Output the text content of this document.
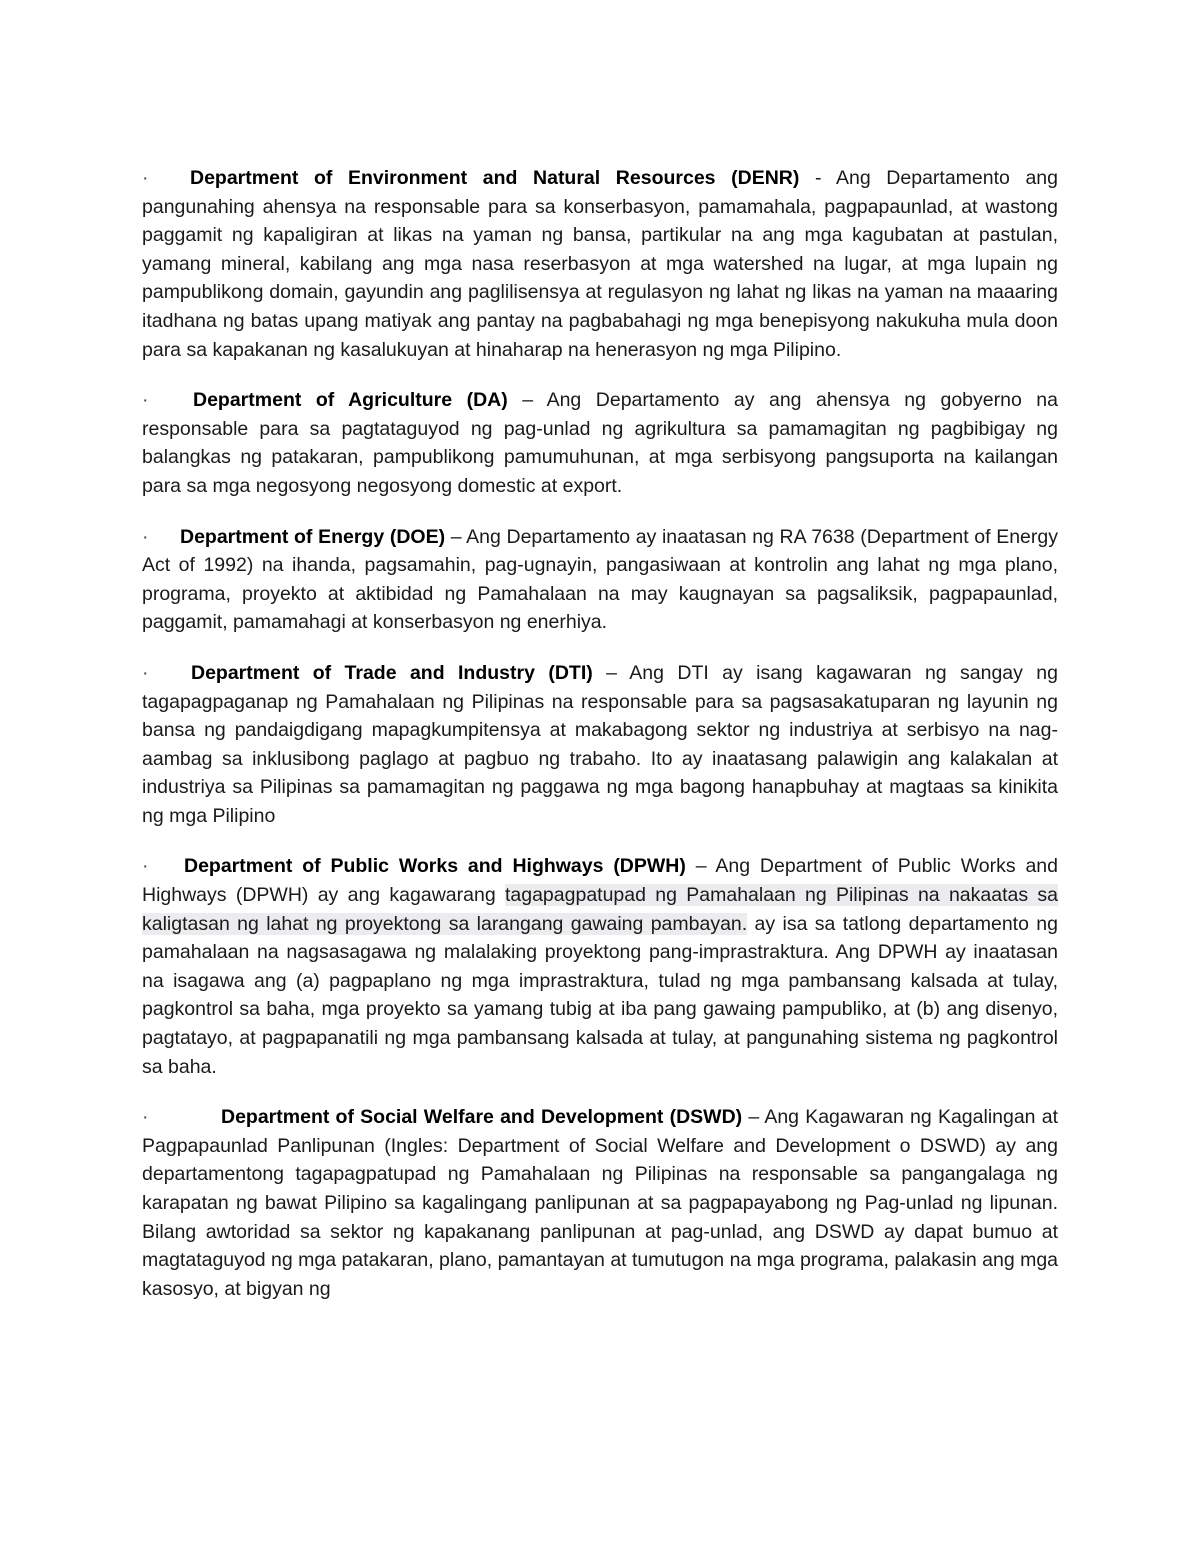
· Department of Environment and Natural Resources (DENR) - Ang Departamento ang pangunahing ahensya na responsable para sa konserbasyon, pamamahala, pagpapaunlad, at wastong paggamit ng kapaligiran at likas na yaman ng bansa, partikular na ang mga kagubatan at pastulan, yamang mineral, kabilang ang mga nasa reserbasyon at mga watershed na lugar, at mga lupain ng pampublikong domain, gayundin ang paglilisensya at regulasyon ng lahat ng likas na yaman na maaaring itadhana ng batas upang matiyak ang pantay na pagbabahagi ng mga benepisyong nakukuha mula doon para sa kapakanan ng kasalukuyan at hinaharap na henerasyon ng mga Pilipino.

· Department of Agriculture (DA) – Ang Departamento ay ang ahensya ng gobyerno na responsable para sa pagtataguyod ng pag-unlad ng agrikultura sa pamamagitan ng pagbibigay ng balangkas ng patakaran, pampublikong pamumuhunan, at mga serbisyong pangsuporta na kailangan para sa mga negosyong negosyong domestic at export.

· Department of Energy (DOE) – Ang Departamento ay inaatasan ng RA 7638 (Department of Energy Act of 1992) na ihanda, pagsamahin, pag-ugnayin, pangasiwaan at kontrolin ang lahat ng mga plano, programa, proyekto at aktibidad ng Pamahalaan na may kaugnayan sa pagsaliksik, pagpapaunlad, paggamit, pamamahagi at konserbasyon ng enerhiya.

· Department of Trade and Industry (DTI) – Ang DTI ay isang kagawaran ng sangay ng tagapagpaganap ng Pamahalaan ng Pilipinas na responsable para sa pagsasakatuparan ng layunin ng bansa ng pandaigdigang mapagkumpitensya at makabagong sektor ng industriya at serbisyo na nag-aambag sa inklusibong paglago at pagbuo ng trabaho. Ito ay inaatasang palawigin ang kalakalan at industriya sa Pilipinas sa pamamagitan ng paggawa ng mga bagong hanapbuhay at magtaas sa kinikita ng mga Pilipino

· Department of Public Works and Highways (DPWH) – Ang Department of Public Works and Highways (DPWH) ay ang kagawarang tagapagpatupad ng Pamahalaan ng Pilipinas na nakaatas sa kaligtasan ng lahat ng proyektong sa larangang gawaing pambayan. ay isa sa tatlong departamento ng pamahalaan na nagsasagawa ng malalaking proyektong pang-imprastraktura. Ang DPWH ay inaatasan na isagawa ang (a) pagpaplano ng mga imprastraktura, tulad ng mga pambansang kalsada at tulay, pagkontrol sa baha, mga proyekto sa yamang tubig at iba pang gawaing pampubliko, at (b) ang disenyo, pagtatayo, at pagpapanatili ng mga pambansang kalsada at tulay, at pangunahing sistema ng pagkontrol sa baha.

·	Department of Social Welfare and Development (DSWD) – Ang Kagawaran ng Kagalingan at Pagpapaunlad Panlipunan (Ingles: Department of Social Welfare and Development o DSWD) ay ang departamentong tagapagpatupad ng Pamahalaan ng Pilipinas na responsable sa pangangalaga ng karapatan ng bawat Pilipino sa kagalingang panlipunan at sa pagpapayabong ng Pag-unlad ng lipunan. Bilang awtoridad sa sektor ng kapakanang panlipunan at pag-unlad, ang DSWD ay dapat bumuo at magtataguyod ng mga patakaran, plano, pamantayan at tumutugon na mga programa, palakasin ang mga kasosyo, at bigyan ng
